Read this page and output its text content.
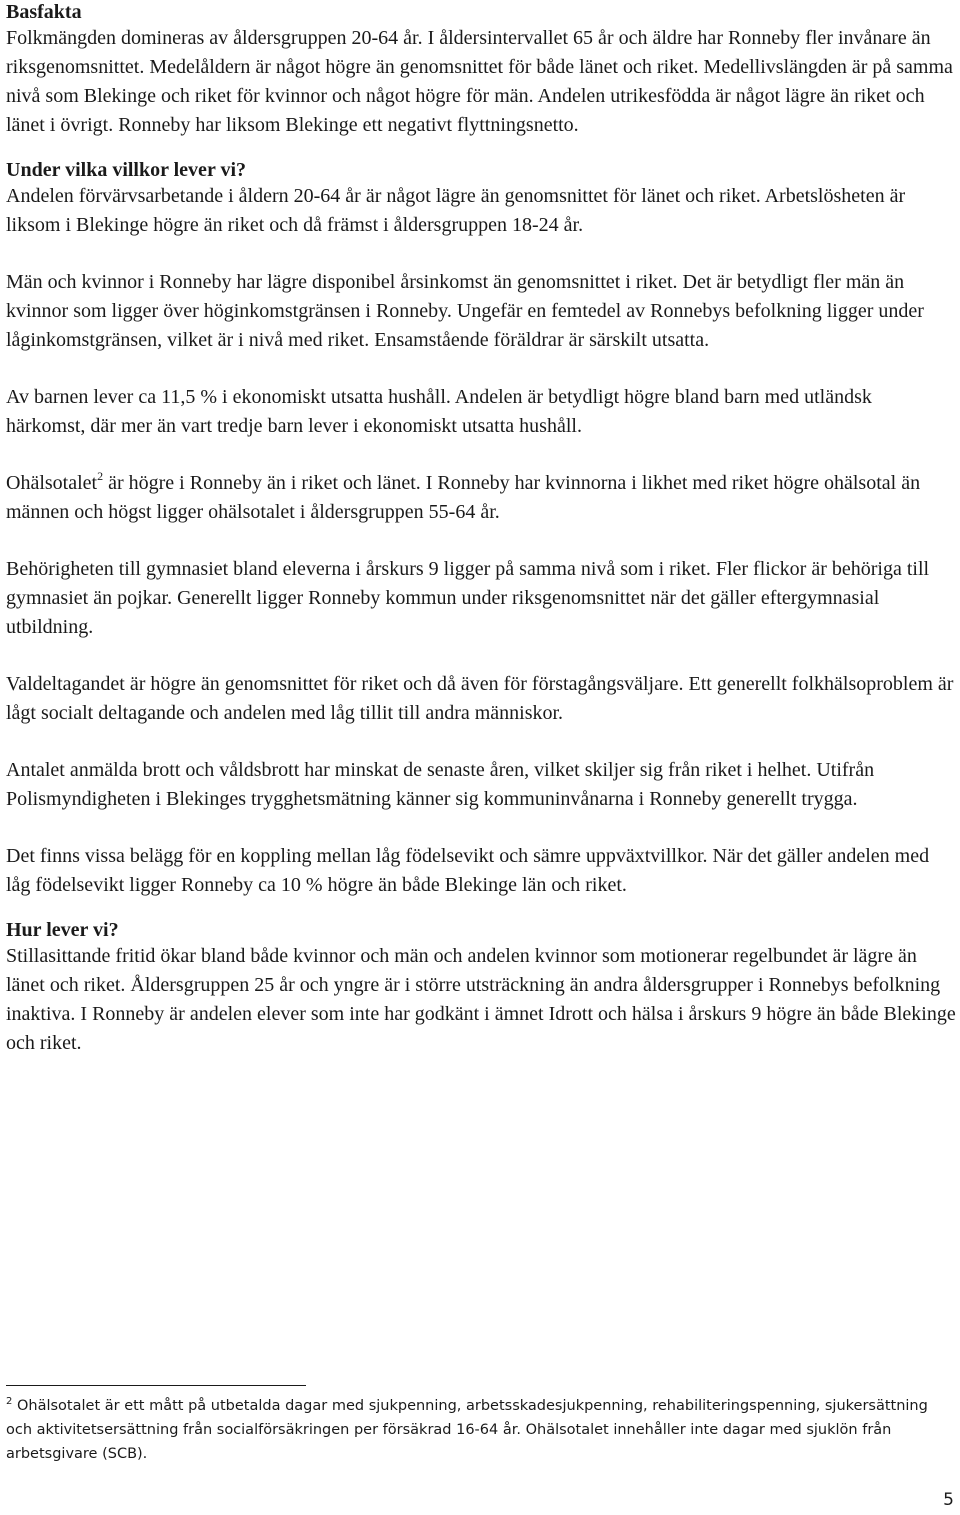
Basfakta

Folkmängden domineras av åldersgruppen 20-64 år. I åldersintervallet 65 år och äldre har Ronneby fler invånare än riksgenomsnittet. Medelåldern är något högre än genomsnittet för både länet och riket. Medellivslängden är på samma nivå som Blekinge och riket för kvinnor och något högre för män. Andelen utrikesfödda är något lägre än riket och länet i övrigt. Ronneby har liksom Blekinge ett negativt flyttningsnetto.

Under vilka villkor lever vi?

Andelen förvärvsarbetande i åldern 20-64 år är något lägre än genomsnittet för länet och riket. Arbetslösheten är liksom i Blekinge högre än riket och då främst i åldersgruppen 18-24 år.

Män och kvinnor i Ronneby har lägre disponibel årsinkomst än genomsnittet i riket. Det är betydligt fler män än kvinnor som ligger över höginkomstgränsen i Ronneby. Ungefär en femtedel av Ronnebys befolkning ligger under låginkomstgränsen, vilket är i nivå med riket. Ensamstående föräldrar är särskilt utsatta.

Av barnen lever ca 11,5 % i ekonomiskt utsatta hushåll. Andelen är betydligt högre bland barn med utländsk härkomst, där mer än vart tredje barn lever i ekonomiskt utsatta hushåll.

Ohälsotalet$^2$ är högre i Ronneby än i riket och länet. I Ronneby har kvinnorna i likhet med riket högre ohälsotal än männen och högst ligger ohälsotalet i åldersgruppen 55-64 år.

Behörigheten till gymnasiet bland eleverna i årskurs 9 ligger på samma nivå som i riket. Fler flickor är behöriga till gymnasiet än pojkar. Generellt ligger Ronneby kommun under riksgenomsnittet när det gäller eftergymnasial utbildning.

Valdeltagandet är högre än genomsnittet för riket och då även för förstagångsväljare. Ett generellt folkhälsoproblem är lågt socialt deltagande och andelen med låg tillit till andra människor.

Antalet anmälda brott och våldsbrott har minskat de senaste åren, vilket skiljer sig från riket i helhet. Utifrån Polismyndigheten i Blekinges trygghetsmätning känner sig kommuninvånarna i Ronneby generellt trygga.

Det finns vissa belägg för en koppling mellan låg födelsevikt och sämre uppväxtvillkor. När det gäller andelen med låg födelsevikt ligger Ronneby ca 10 % högre än både Blekinge län och riket.

Hur lever vi?

Stillasittande fritid ökar bland både kvinnor och män och andelen kvinnor som motionerar regelbundet är lägre än länet och riket. Åldersgruppen 25 år och yngre är i större utsträckning än andra åldersgrupper i Ronnebys befolkning inaktiva. I Ronneby är andelen elever som inte har godkänt i ämnet Idrott och hälsa i årskurs 9 högre än både Blekinge och riket.

$^2$ Ohälsotalet är ett mått på utbetalda dagar med sjukpenning, arbetsskadesjukpenning, rehabiliteringspenning, sjukersättning och aktivitetsersättning från socialförsäkringen per försäkrad 16-64 år. Ohälsotalet innehåller inte dagar med sjuklön från arbetsgivare (SCB).
5
